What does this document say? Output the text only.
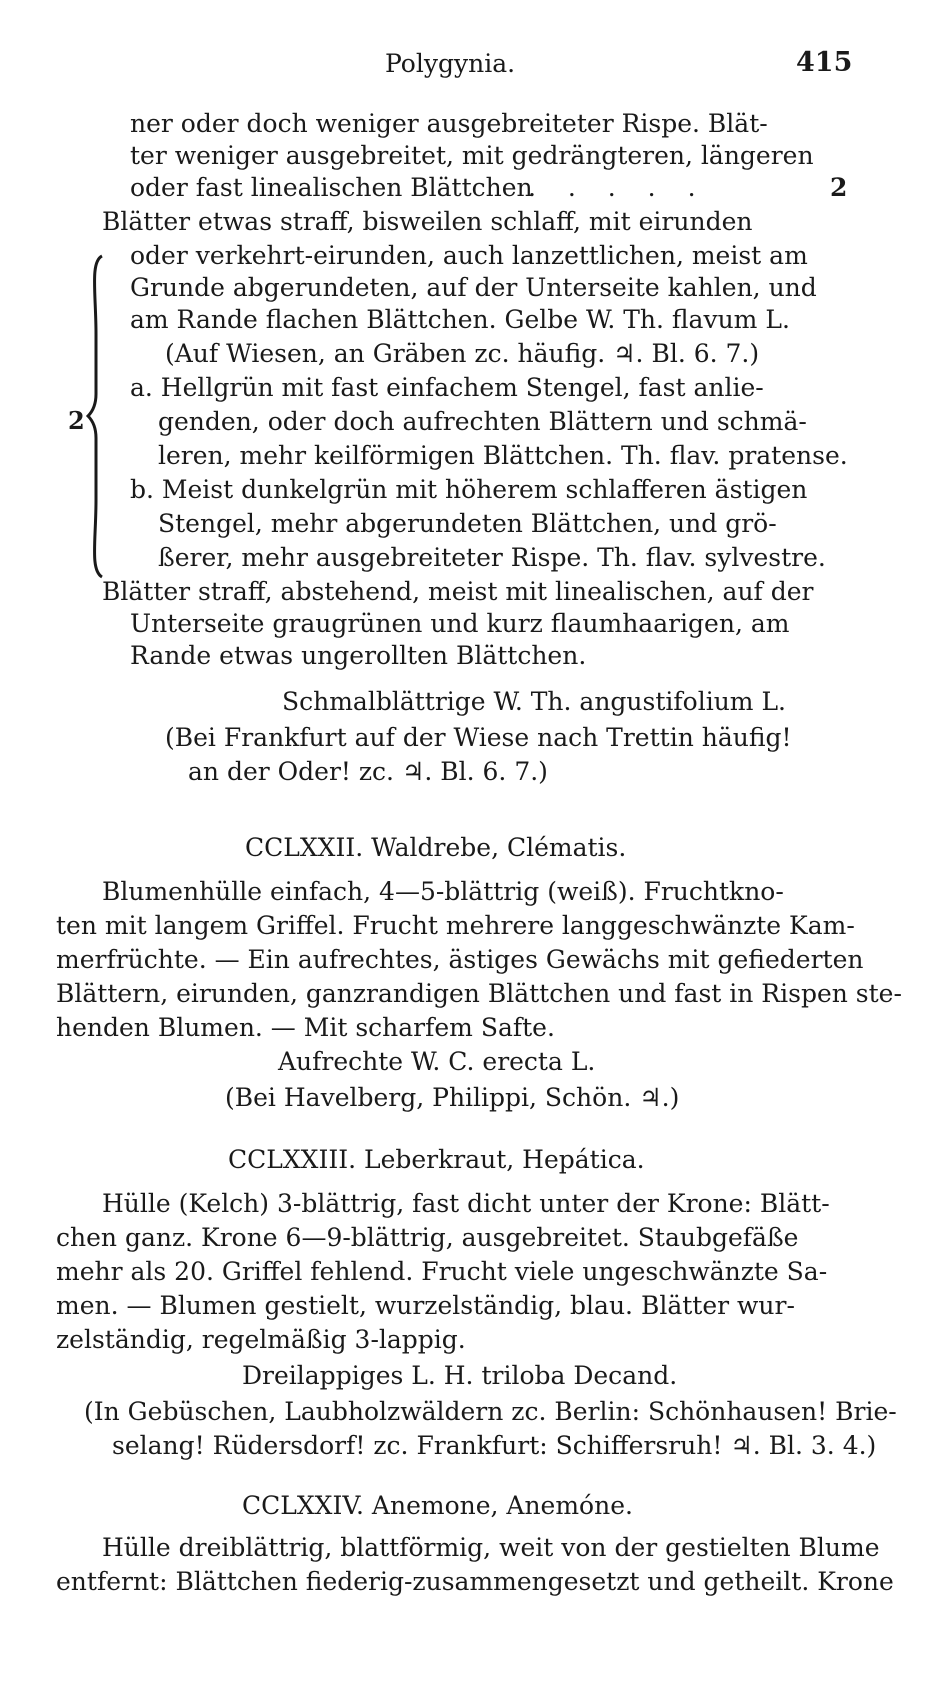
Polygynia.	415
ner oder doch weniger ausgebreiteter Rispe. Blät-
ter weniger ausgebreitet, mit gedrängteren, längeren
oder fast linealischen Blättchen
. . . . .	2
Blätter etwas straff, bisweilen schlaff, mit eirunden
oder verkehrt-eirunden, auch lanzettlichen, meist am
Grunde abgerundeten, auf der Unterseite kahlen, und
am Rande flachen Blättchen. Gelbe W. Th. flavum L.
(Auf Wiesen, an Gräben zc. häufig. ♃. Bl. 6. 7.)
a. Hellgrün mit fast einfachem Stengel, fast anlie-
genden, oder doch aufrechten Blättern und schmä-
leren, mehr keilförmigen Blättchen. Th. flav. pratense.
b. Meist dunkelgrün mit höherem schlafferen ästigen
Stengel, mehr abgerundeten Blättchen, und grö-
ßerer, mehr ausgebreiteter Rispe. Th. flav. sylvestre.
Blätter straff, abstehend, meist mit linealischen, auf der
Unterseite graugrünen und kurz flaumhaarigen, am
Rande etwas ungerollten Blättchen.
Schmalblättrige W. Th. angustifolium L.
(Bei Frankfurt auf der Wiese nach Trettin häufig!
an der Oder! zc. ♃. Bl. 6. 7.)
2
CCLXXII. Waldrebe, Clématis.
Blumenhülle einfach, 4—5-blättrig (weiß). Fruchtkno-
ten mit langem Griffel. Frucht mehrere langgeschwänzte Kam-
merfrüchte. — Ein aufrechtes, ästiges Gewächs mit gefiederten
Blättern, eirunden, ganzrandigen Blättchen und fast in Rispen ste-
henden Blumen. — Mit scharfem Safte.
Aufrechte W. C. erecta L.
(Bei Havelberg, Philippi, Schön. ♃.)
CCLXXIII. Leberkraut, Hepática.
Hülle (Kelch) 3-blättrig, fast dicht unter der Krone: Blätt-
chen ganz. Krone 6—9-blättrig, ausgebreitet. Staubgefäße
mehr als 20. Griffel fehlend. Frucht viele ungeschwänzte Sa-
men. — Blumen gestielt, wurzelständig, blau. Blätter wur-
zelständig, regelmäßig 3-lappig.
Dreilappiges L. H. triloba Decand.
(In Gebüschen, Laubholzwäldern zc. Berlin: Schönhausen! Brie-
selang! Rüdersdorf! zc. Frankfurt: Schiffersruh! ♃. Bl. 3. 4.)
CCLXXIV. Anemone, Anemóne.
Hülle dreiblättrig, blattförmig, weit von der gestielten Blume
entfernt: Blättchen fiederig-zusammengesetzt und getheilt. Krone
